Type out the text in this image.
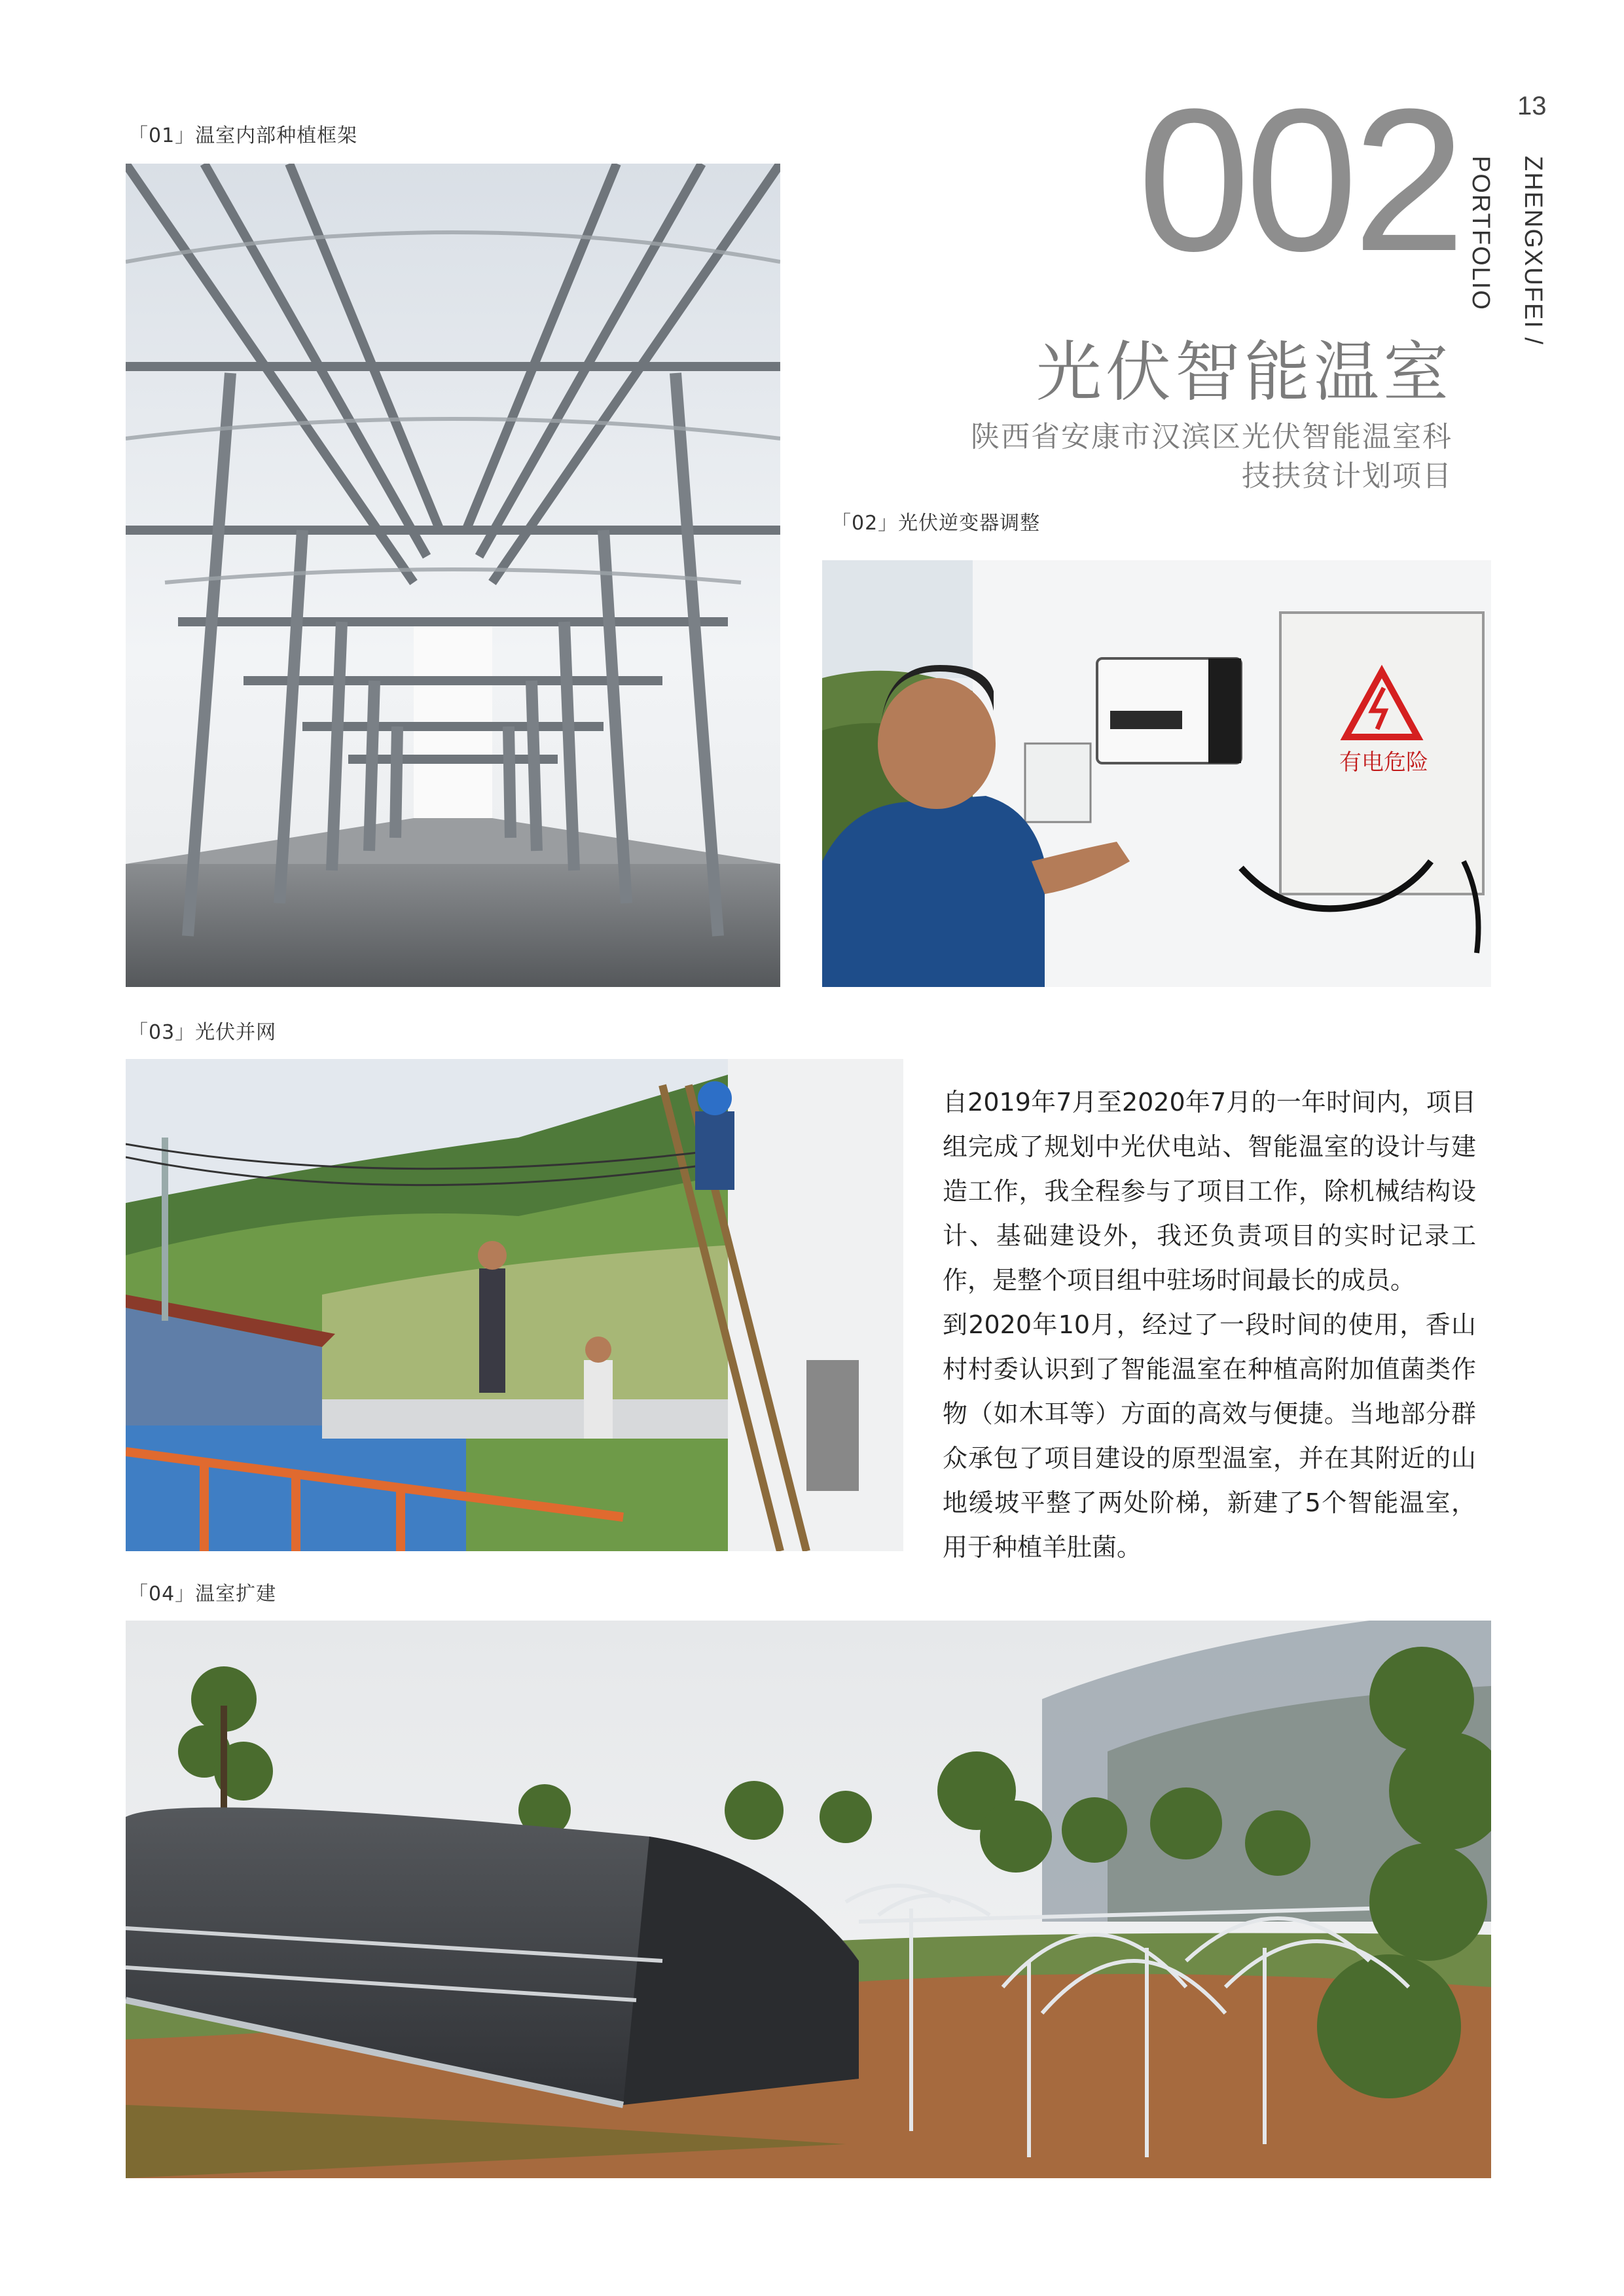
13
ZHENGXUFEI / PORTFOLIO
002
光伏智能温室
陕西省安康市汉滨区光伏智能温室科
技扶贫计划项目
「01」温室内部种植框架
「02」光伏逆变器调整
有电危险
「03」光伏并网

自2019年7月至2020年7月的一年时间内，项目组完成了规划中光伏电站、智能温室的设计与建造工作，我全程参与了项目工作，除机械结构设计、基础建设外，我还负责项目的实时记录工作，是整个项目组中驻场时间最长的成员。

到2020年10月，经过了一段时间的使用，香山村村委认识到了智能温室在种植高附加值菌类作物（如木耳等）方面的高效与便捷。当地部分群众承包了项目建设的原型温室，并在其附近的山地缓坡平整了两处阶梯，新建了5个智能温室，用于种植羊肚菌。

「04」温室扩建
